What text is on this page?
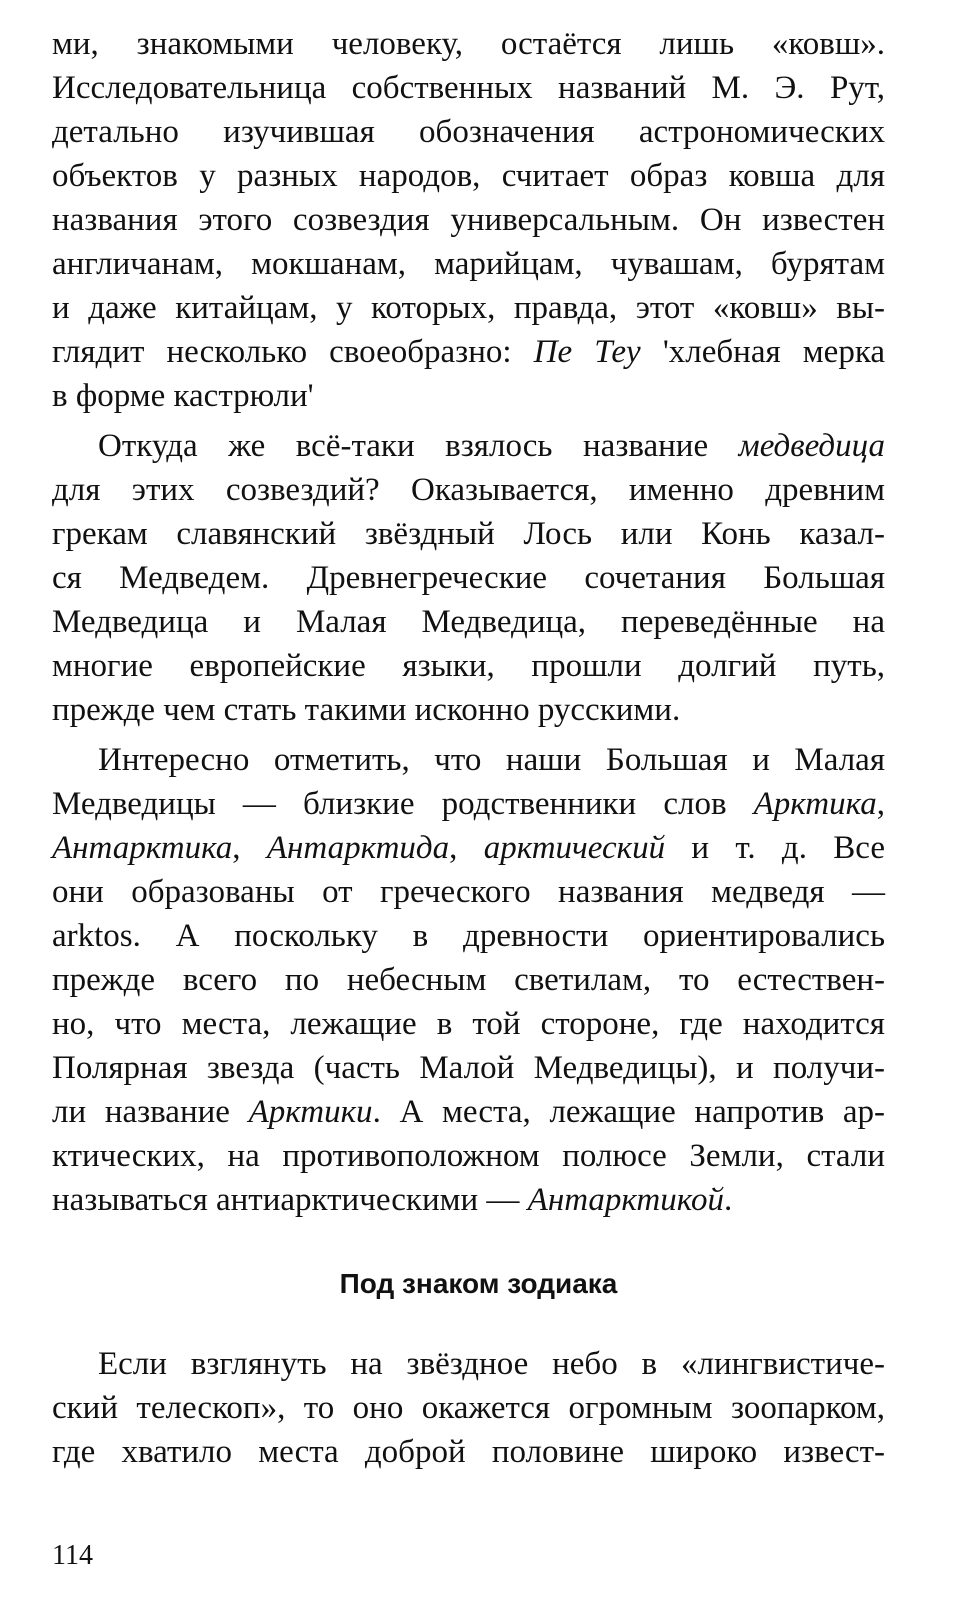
ми, знакомыми человеку, остаётся лишь «ковш».
Исследовательница собственных названий М. Э. Рут,
детально изучившая обозначения астрономических
объектов у разных народов, считает образ ковша для
названия этого созвездия универсальным. Он известен
англичанам, мокшанам, марийцам, чувашам, бурятам
и даже китайцам, у которых, правда, этот «ковш» вы-
глядит несколько своеобразно: Пе Теу 'хлебная мерка
в форме кастрюли'
Откуда же всё-таки взялось название медведица
для этих созвездий? Оказывается, именно древним
грекам славянский звёздный Лось или Конь казал-
ся Медведем. Древнегреческие сочетания Большая
Медведица и Малая Медведица, переведённые на
многие европейские языки, прошли долгий путь,
прежде чем стать такими исконно русскими.
Интересно отметить, что наши Большая и Малая
Медведицы — близкие родственники слов Арктика,
Антарктика, Антарктида, арктический и т. д. Все
они образованы от греческого названия медведя —
arktos. А поскольку в древности ориентировались
прежде всего по небесным светилам, то естествен-
но, что места, лежащие в той стороне, где находится
Полярная звезда (часть Малой Медведицы), и получи-
ли название Арктики. А места, лежащие напротив ар-
ктических, на противоположном полюсе Земли, стали
называться антиарктическими — Антарктикой.
Под знаком зодиака
Если взглянуть на звёздное небо в «лингвистиче-
ский телескоп», то оно окажется огромным зоопарком,
где хватило места доброй половине широко извест-
114
